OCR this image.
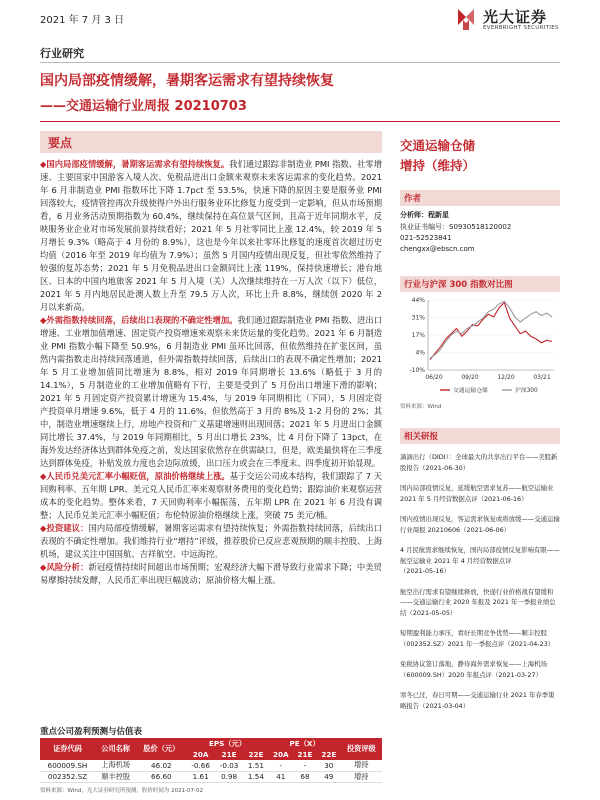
2021 年 7 月 3 日	光大证券
EVERBRIGHT SECURITIES
行业研究
国内局部疫情缓解，暑期客运需求有望持续恢复
——交通运输行业周报 20210703
要点

◆国内局部疫情缓解，暑期客运需求有望持续恢复。我们通过跟踪非制造业 PMI 指数、社零增速、主要国家中国游客入境人次、免税品进出口金额来观察未来客运需求的变化趋势。2021 年 6 月非制造业 PMI 指数环比下降 1.7pct 至 53.5%，快速下降的原因主要是服务业 PMI 回落较大，疫情管控再次升级使得户外出行服务业环比修复力度受到一定影响，但从市场预期看，6 月业务活动预期指数为 60.4%，继续保持在高位景气区间，且高于近年同期水平，反映服务业企业对市场发展前景持续看好；2021 年 5 月社零同比上涨 12.4%，较 2019 年 5 月增长 9.3%（略高于 4 月份的 8.9%），这也是今年以来社零环比修复的速度首次超过历史均值（2016 年至 2019 年均值为 7.9%）；虽然 5 月国内疫情出现反复，但社零依然维持了较强的复苏态势；2021 年 5 月免税品进出口金额同比上涨 119%，保持快速增长；港台地区、日本的中国内地旅客 2021 年 5 月入境（关）人次继续维持在一万人次（以下）低位，2021 年 5 月内地居民赴澳人数上升至 79.5 万人次，环比上升 8.8%，继续创 2020 年 2 月以来新高。

◆外需指数持续回落，后续出口表现的不确定性增加。我们通过跟踪制造业 PMI 指数、进出口增速、工业增加值增速、固定资产投资增速来观察未来货运量的变化趋势。2021 年 6 月制造业 PMI 指数小幅下降至 50.9%，6 月制造业 PMI 虽环比回落，但依然维持在扩张区间，虽然内需指数走出持续回落通道，但外需指数持续回落，后续出口的表现不确定性增加；2021 年 5 月工业增加值同比增速为 8.8%，相对 2019 年同期增长 13.6%（略低于 3 月的 14.1%），5 月制造业的工业增加值略有下行，主要是受到了 5 月份出口增速下滑的影响；2021 年 5 月固定资产投资累计增速为 15.4%，与 2019 年同期相比（下同），5 月固定资产投资单月增速 9.6%，低于 4 月的 11.6%，但依然高于 3 月的 8%及 1-2 月份的 2%；其中，制造业增速继续上行，房地产投资和广义基建增速则出现回落；2021 年 5 月进出口金额同比增长 37.4%，与 2019 年同期相比，5 月出口增长 23%，比 4 月份下降了 13pct，在海外发达经济体达到群体免疫之前，发达国家依然存在供需缺口，但是，欧美最快将在三季度达到群体免疫，补贴发放力度也会边际放缓，出口压力或会在三季度末、四季度初开始显现。

◆人民币兑美元汇率小幅贬值，原油价格继续上涨。基于交运公司成本结构，我们跟踪了 7 天回购利率、五年期 LPR、美元兑人民币汇率来观察财务费用的变化趋势；跟踪油价来观察运营成本的变化趋势。整体来看，7 天回购利率小幅振荡，五年期 LPR 在 2021 年 6 月没有调整；人民币兑美元汇率小幅贬值；布伦特原油价格继续上涨，突破 75 美元/桶。

◆投资建议：国内局部疫情缓解，暑期客运需求有望持续恢复；外需指数持续回落，后续出口表现的不确定性增加。我们维持行业“增持”评级，推荐股价已反应悲观预期的顺丰控股、上海机场，建议关注中国国航、吉祥航空、中远海控。

◆风险分析：新冠疫情持续时间超出市场预期；宏观经济大幅下滑导致行业需求下降；中美贸易摩擦持续发酵，人民币汇率出现巨幅波动；原油价格大幅上涨。

重点公司盈利预测与估值表
证券代码	公司名称	股价（元）	EPS（元）			PE（X）			投资评级
			20A	21E	22E	20A	21E	22E	
600009.SH	上海机场	46.02	-0.66	-0.03	1.51	-	-	30	增持
002352.SZ	顺丰控股	66.60	1.61	0.98	1.54	41	68	49	增持
资料来源：Wind，光大证券研究所预测，股价时间为 2021-07-02
交通运输仓储
增持（维持）
作者
分析师：程新星
执业证书编号：S0930518120002
021-52523841
chengxx@ebscn.com
行业与沪深 300 指数对比图
-10%
4%
17%
31%
44%
06/20	09/20	12/20	03/21
交通运输仓储	沪深300
资料来源：Wind
相关研报
滴滴出行（DIDI）：全球最大的共享出行平台——美股新股报告（2021-06-30）
国内局部疫情反复，延缓航空需求复苏——航空运输业 2021 年 5 月经营数据点评（2021-06-16）
国内疫情出现反复，客运需求恢复或将放缓——交通运输行业周报 20210606（2021-06-06）
4 月民航需求继续恢复，国内局部疫情反复影响有限——航空运输业 2021 年 4 月经营数据点评（2021-05-16）
航空出行需求有望继续释放，快递行业价格战有望缓和——交通运输行业 2020 年报及 2021 年一季报业绩总结（2021-05-05）
短期盈利能力承压，看好长期竞争优势——顺丰控股（002352.SZ）2021 年一季报点评（2021-04-23）
免税协议签订落地，静待海外需求恢复——上海机场（600009.SH）2020 年报点评（2021-03-27）
寒冬已过，春日可期——交通运输行业 2021 年春季策略报告（2021-03-04）
